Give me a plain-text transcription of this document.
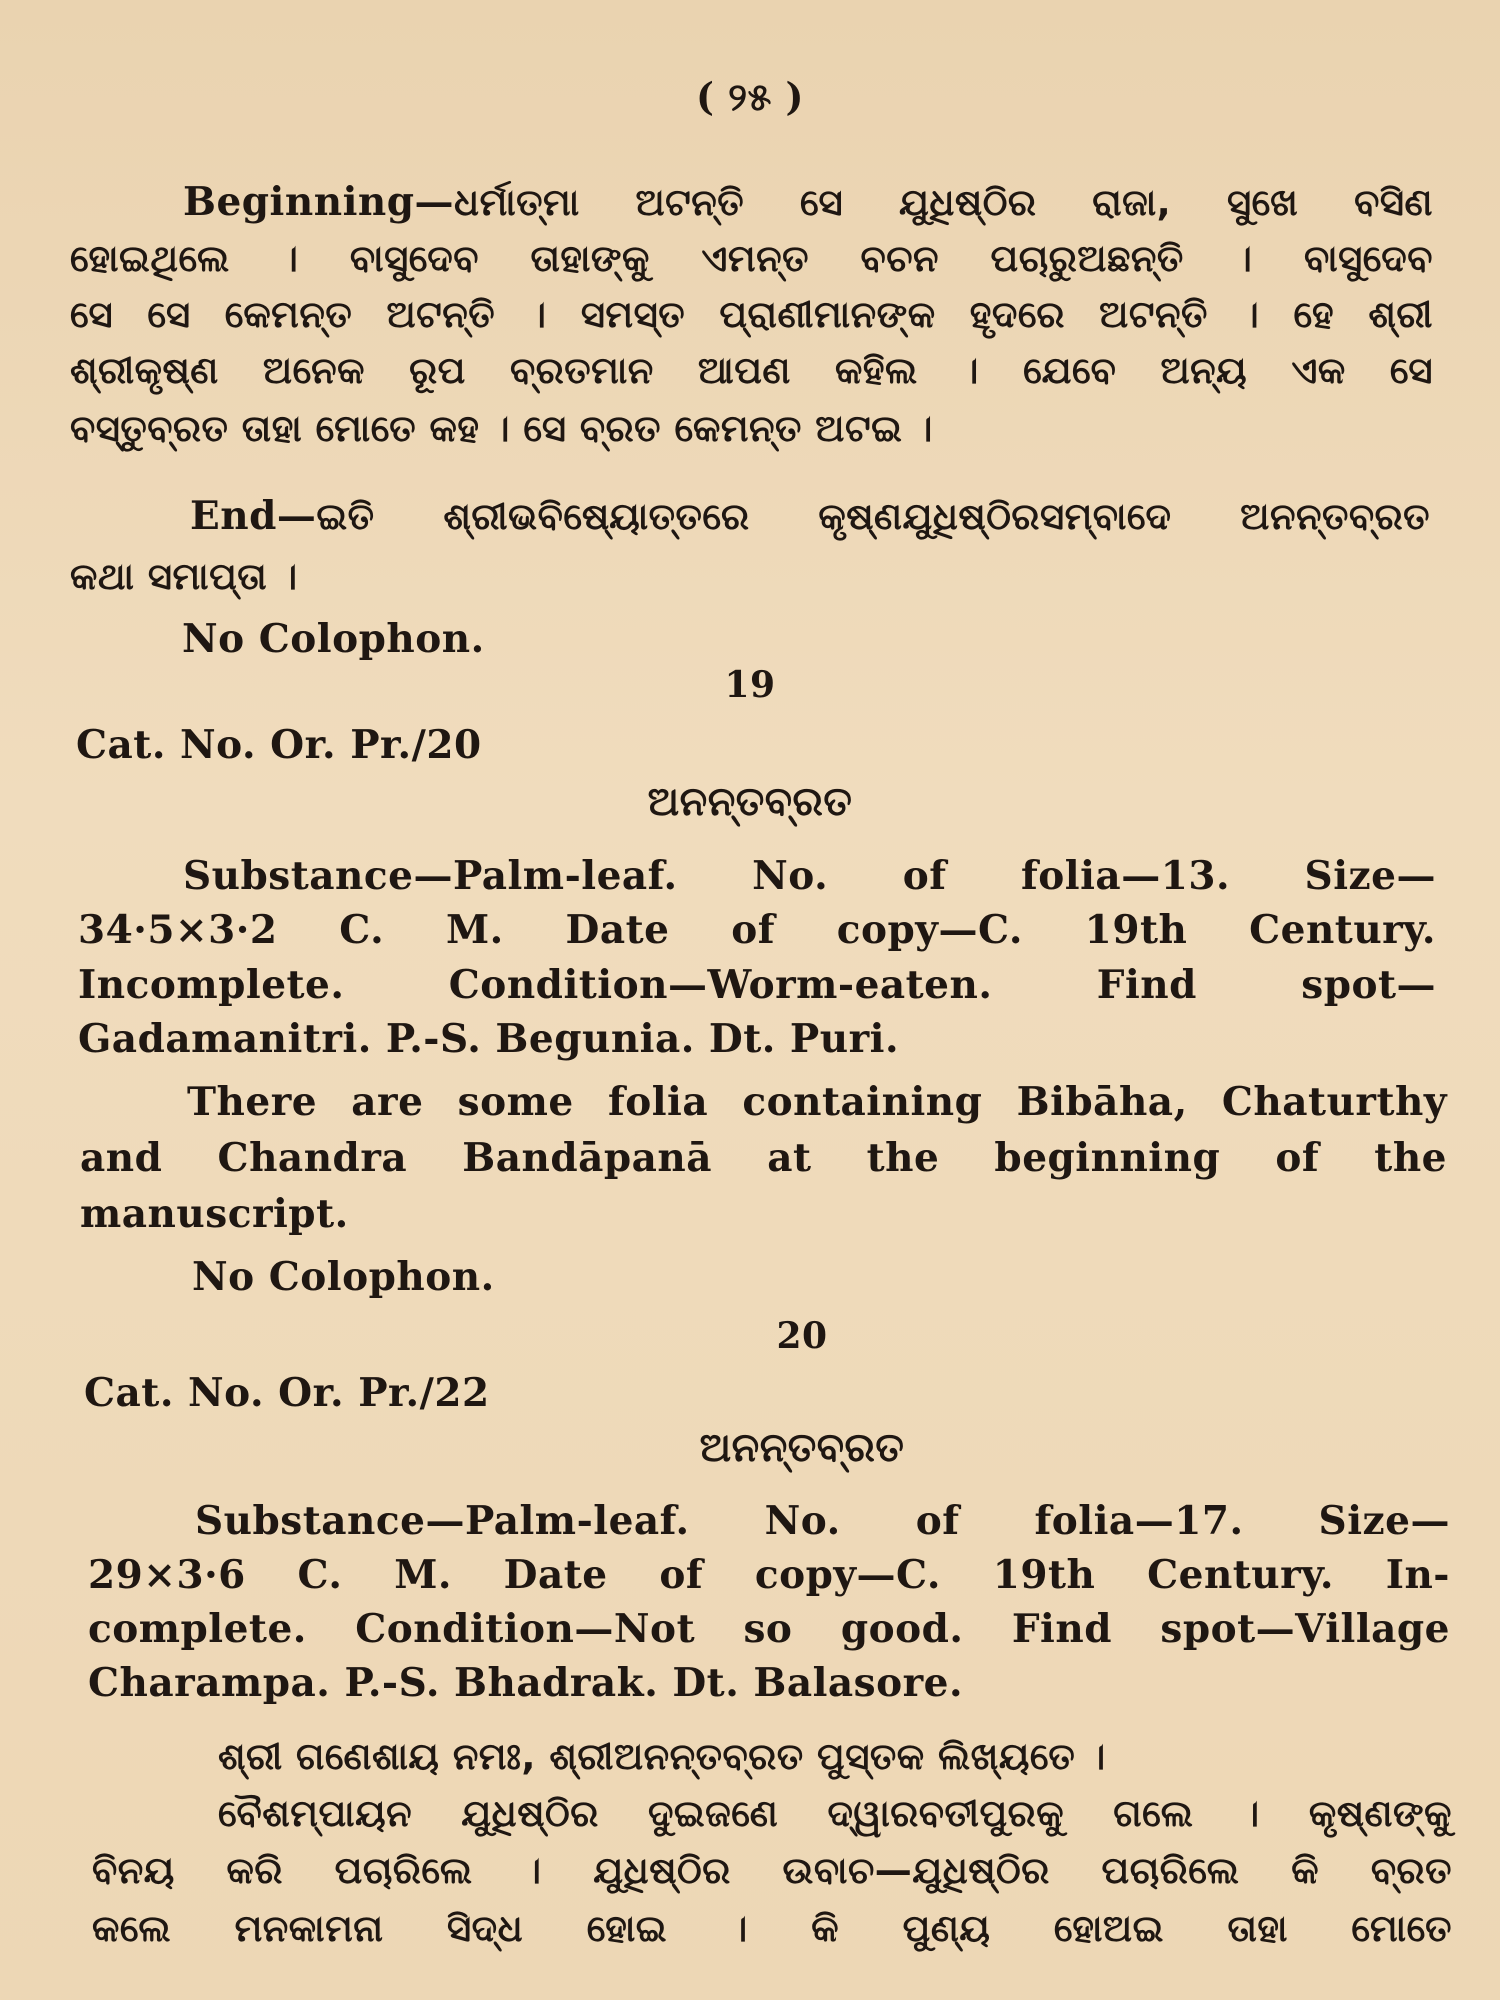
( ୨୫ )
Beginning—ଧର୍ମାତ୍ମା ଅଟନ୍ତି ସେ ଯୁଧିଷ୍ଠିର ରାଜା, ସୁଖେ ବସିଣ
ହୋଇଥିଲେ । ବାସୁଦେବ ତାହାଙ୍କୁ ଏମନ୍ତ ବଚନ ପଚାରୁଅଛନ୍ତି । ବାସୁଦେବ
ସେ ସେ କେମନ୍ତ ଅଟନ୍ତି । ସମସ୍ତ ପ୍ରାଣୀମାନଙ୍କ ହୃଦରେ ଅଟନ୍ତି । ହେ ଶ୍ରୀ
ଶ୍ରୀକୃଷ୍ଣ ଅନେକ ରୂପ ବ୍ରତମାନ ଆପଣ କହିଲ । ଯେବେ ଅନ୍ୟ ଏକ ସେ
ବସ୍ତୁବ୍ରତ ତାହା ମୋତେ କହ । ସେ ବ୍ରତ କେମନ୍ତ ଅଟଇ ।
End—ଇତି ଶ୍ରୀଭବିଷ୍ୟୋତ୍ତରେ କୃଷ୍ଣଯୁଧିଷ୍ଠିରସମ୍ବାଦେ ଅନନ୍ତବ୍ରତ
କଥା ସମାପ୍ତା ।
No Colophon.
19
Cat. No. Or. Pr./20
ଅନନ୍ତବ୍ରତ
Substance—Palm-leaf. No. of folia—13. Size—
34·5×3·2 C. M. Date of copy—C. 19th Century.
Incomplete. Condition—Worm-eaten. Find spot—
Gadamanitri. P.-S. Begunia. Dt. Puri.
There are some folia containing Bibāha, Chaturthy
and Chandra Bandāpanā at the beginning of the
manuscript.
No Colophon.
20
Cat. No. Or. Pr./22
ଅନନ୍ତବ୍ରତ
Substance—Palm-leaf. No. of folia—17. Size—
29×3·6 C. M. Date of copy—C. 19th Century. In-
complete. Condition—Not so good. Find spot—Village
Charampa. P.-S. Bhadrak. Dt. Balasore.
ଶ୍ରୀ ଗଣେଶାୟ ନମଃ, ଶ୍ରୀଅନନ୍ତବ୍ରତ ପୁସ୍ତକ ଲିଖ୍ୟତେ ।
ବୈଶମ୍ପାୟନ ଯୁଧିଷ୍ଠିର ଦୁଇଜଣେ ଦ୍ୱାରବତୀପୁରକୁ ଗଲେ । କୃଷ୍ଣଙ୍କୁ
ବିନୟ କରି ପଚାରିଲେ । ଯୁଧିଷ୍ଠିର ଉବାଚ—ଯୁଧିଷ୍ଠିର ପଚାରିଲେ କି ବ୍ରତ
କଲେ ମନକାମନା ସିଦ୍ଧ ହୋଇ । କି ପୁଣ୍ୟ ହୋଅଇ ତାହା ମୋତେ
